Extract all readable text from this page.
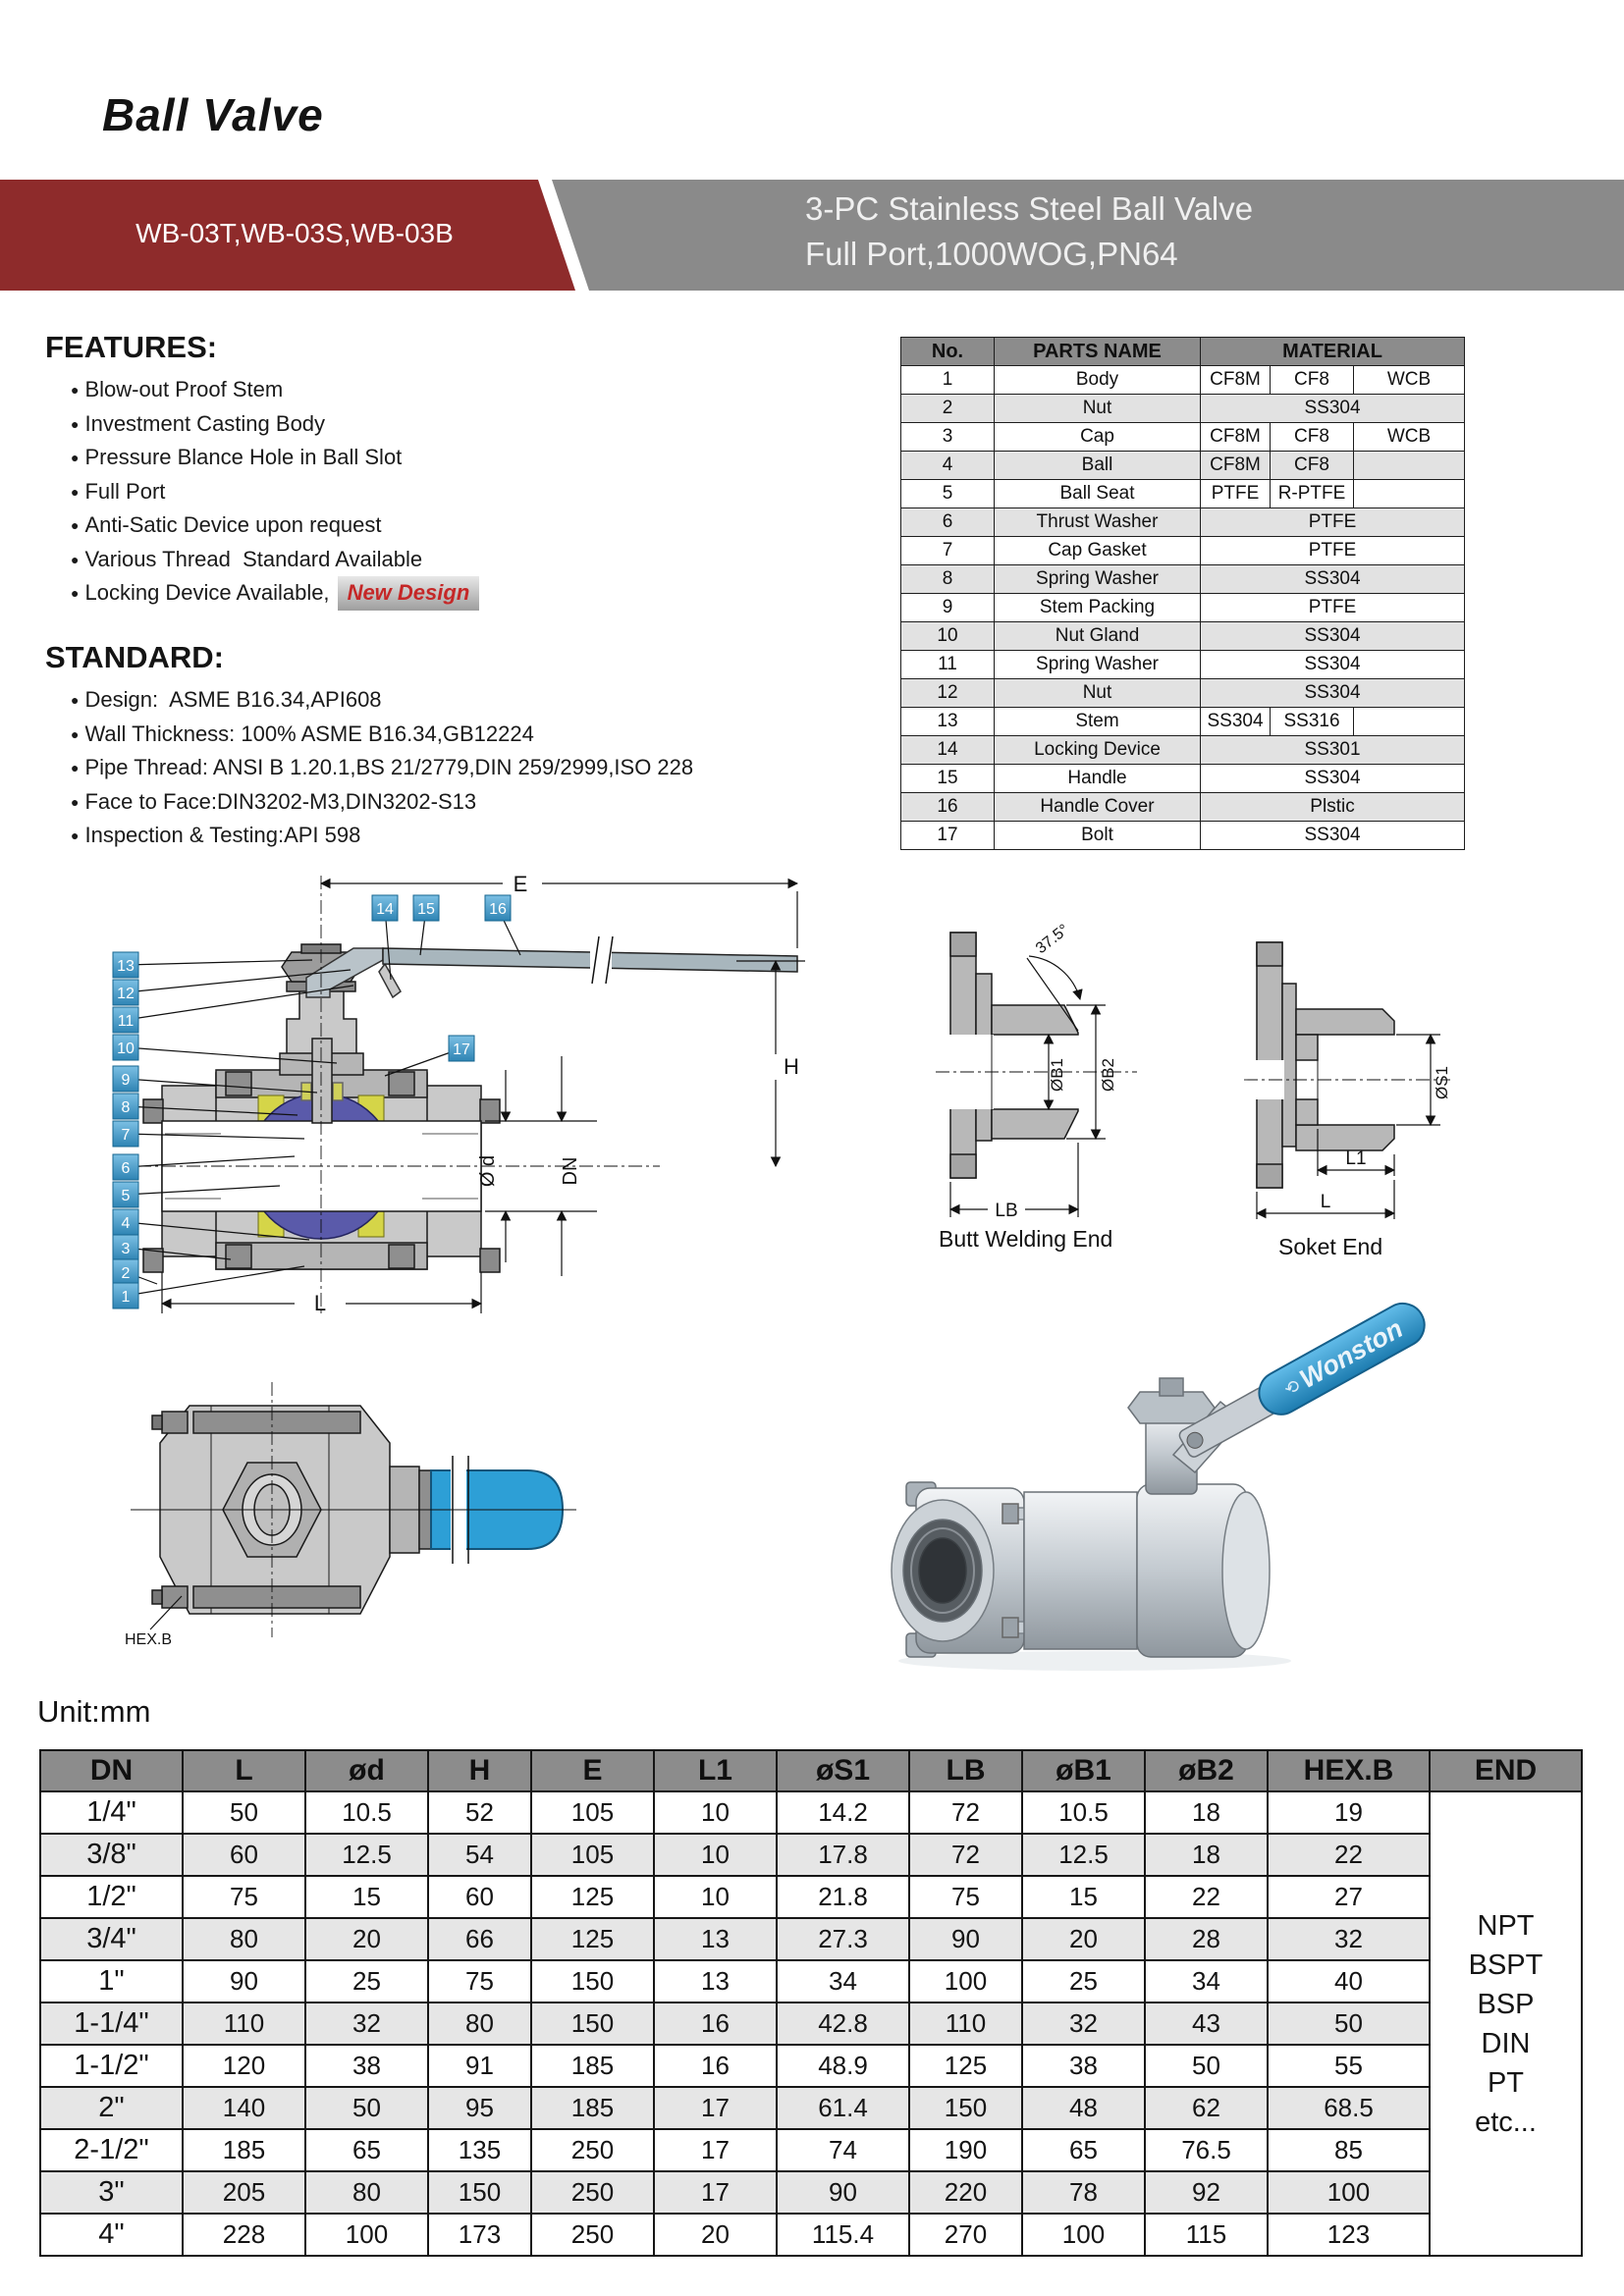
Ball Valve
WB-03T,WB-03S,WB-03B
3-PC Stainless Steel Ball Valve
Full Port,1000WOG,PN64
FEATURES:
● Blow-out Proof Stem
● Investment Casting Body
● Pressure Blance Hole in Ball Slot
● Full Port
● Anti-Satic Device upon request
● Various Thread  Standard Available
● Locking Device Available, New Design
STANDARD:
● Design:  ASME B16.34,API608
● Wall Thickness: 100% ASME B16.34,GB12224
● Pipe Thread: ANSI B 1.20.1,BS 21/2779,DIN 259/2999,ISO 228
● Face to Face:DIN3202-M3,DIN3202-S13
● Inspection & Testing:API 598
No.	PARTS NAME	MATERIAL		
1	Body	CF8M	CF8	WCB
2	Nut	SS304		
3	Cap	CF8M	CF8	WCB
4	Ball	CF8M	CF8	
5	Ball Seat	PTFE	R-PTFE	
6	Thrust Washer	PTFE		
7	Cap Gasket	PTFE		
8	Spring Washer	SS304		
9	Stem Packing	PTFE		
10	Nut Gland	SS304		
11	Spring Washer	SS304		
12	Nut	SS304		
13	Stem	SS304	SS316	
14	Locking Device	SS301		
15	Handle	SS304		
16	Handle Cover	Plstic		
17	Bolt	SS304		
E
H
Ø d	DN
L
13
12
11
10
9
8
7
6
5
4
3
2
1
14 15	16
17
37.5°
ØB1 ØB2
LB
Butt Welding End
ØS1
L1
L
Soket End
HEX.B
⟲
Wonston
Unit:mm
DN	L	ød	H	E	L1	øS1	LB	øB1	øB2	HEX.B	END
1/4"	50	10.5	52	105	10	14.2	72	10.5	18	19	
NPT
BSPT
BSP
DIN
PT
etc...

3/8"	60	12.5	54	105	10	17.8	72	12.5	18	22	
1/2"	75	15	60	125	10	21.8	75	15	22	27	
3/4"	80	20	66	125	13	27.3	90	20	28	32	
1"	90	25	75	150	13	34	100	25	34	40	
1-1/4"	110	32	80	150	16	42.8	110	32	43	50	
1-1/2"	120	38	91	185	16	48.9	125	38	50	55	
2"	140	50	95	185	17	61.4	150	48	62	68.5	
2-1/2"	185	65	135	250	17	74	190	65	76.5	85	
3"	205	80	150	250	17	90	220	78	92	100	
4"	228	100	173	250	20	115.4	270	100	115	123	
